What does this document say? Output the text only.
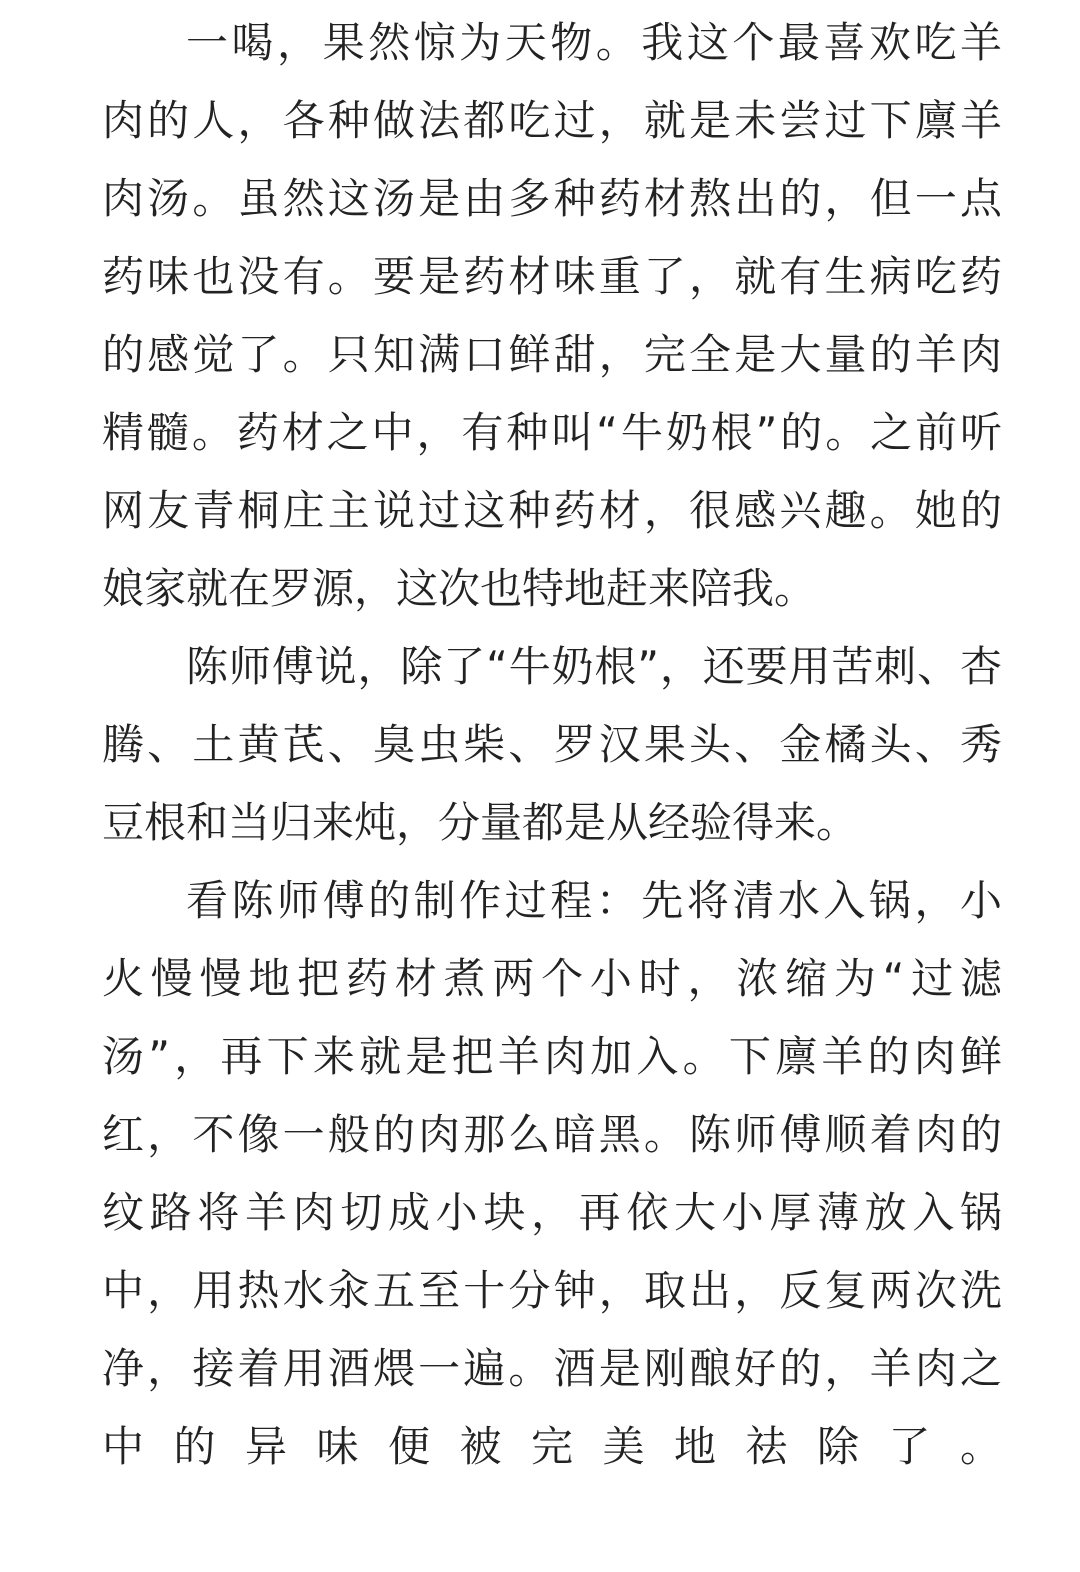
一喝，果然惊为天物。我这个最喜欢吃羊
肉的人，各种做法都吃过，就是未尝过下廪羊
肉汤。虽然这汤是由多种药材熬出的，但一点
药味也没有。要是药材味重了，就有生病吃药
的感觉了。只知满口鲜甜，完全是大量的羊肉
精髓。药材之中，有种叫“牛奶根”的。之前听
网友青桐庄主说过这种药材，很感兴趣。她的
娘家就在罗源，这次也特地赶来陪我。
陈师傅说，除了“牛奶根”，还要用苦刺、杏
腾、土黄芪、臭虫柴、罗汉果头、金橘头、秀
豆根和当归来炖，分量都是从经验得来。
看陈师傅的制作过程：先将清水入锅，小
火慢慢地把药材煮两个小时，浓缩为“过滤
汤”，再下来就是把羊肉加入。下廪羊的肉鲜
红，不像一般的肉那么暗黑。陈师傅顺着肉的
纹路将羊肉切成小块，再依大小厚薄放入锅
中，用热水汆五至十分钟，取出，反复两次洗
净，接着用酒煨一遍。酒是刚酿好的，羊肉之
中的异味便被完美地祛除了。
